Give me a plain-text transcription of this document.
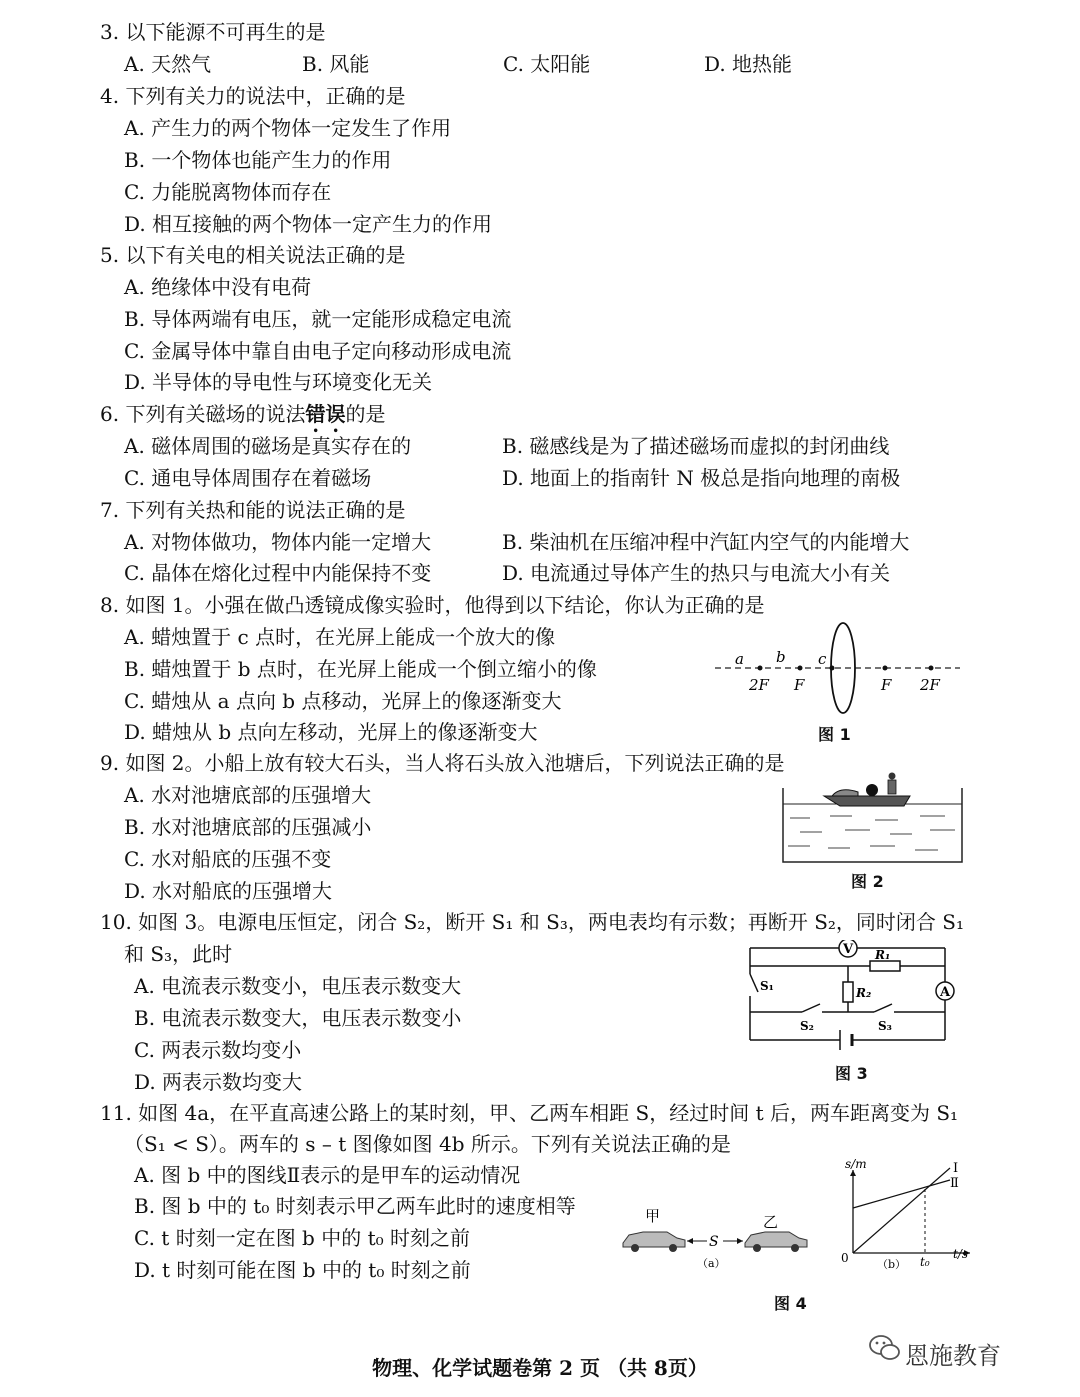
3. 以下能源不可再生的是
A. 天然气	B. 风能	C. 太阳能	D. 地热能
4. 下列有关力的说法中，正确的是
A. 产生力的两个物体一定发生了作用
B. 一个物体也能产生力的作用
C. 力能脱离物体而存在
D. 相互接触的两个物体一定产生力的作用
5. 以下有关电的相关说法正确的是
A. 绝缘体中没有电荷
B. 导体两端有电压，就一定能形成稳定电流
C. 金属导体中靠自由电子定向移动形成电流
D. 半导体的导电性与环境变化无关
6. 下列有关磁场的说法错误的是
A. 磁体周围的磁场是真实存在的	B. 磁感线是为了描述磁场而虚拟的封闭曲线
C. 通电导体周围存在着磁场	D. 地面上的指南针 N 极总是指向地理的南极
7. 下列有关热和能的说法正确的是
A. 对物体做功，物体内能一定增大	B. 柴油机在压缩冲程中汽缸内空气的内能增大
C. 晶体在熔化过程中内能保持不变	D. 电流通过导体产生的热只与电流大小有关
8. 如图 1。小强在做凸透镜成像实验时，他得到以下结论，你认为正确的是
A. 蜡烛置于 c 点时，在光屏上能成一个放大的像
B. 蜡烛置于 b 点时，在光屏上能成一个倒立缩小的像
C. 蜡烛从 a 点向 b 点移动，光屏上的像逐渐变大
D. 蜡烛从 b 点向左移动，光屏上的像逐渐变大
a b c
2F F	F 2F
图 1
9. 如图 2。小船上放有较大石头，当人将石头放入池塘后，下列说法正确的是
A. 水对池塘底部的压强增大
B. 水对池塘底部的压强减小
C. 水对船底的压强不变
D. 水对船底的压强增大	图 2
10. 如图 3。电源电压恒定，闭合 S₂，断开 S₁ 和 S₃，两电表均有示数；再断开 S₂，同时闭合 S₁
和 S₃，此时
A. 电流表示数变小，电压表示数变大
B. 电流表示数变大，电压表示数变小
C. 两表示数均变小
D. 两表示数均变大
V
A
R₁
R₂
S₁
S₂	S₃
图 3
11. 如图 4a，在平直高速公路上的某时刻，甲、乙两车相距 S，经过时间 t 后，两车距离变为 S₁
（S₁ < S）。两车的 s – t 图像如图 4b 所示。下列有关说法正确的是
A. 图 b 中的图线Ⅱ表示的是甲车的运动情况
B. 图 b 中的 t₀ 时刻表示甲乙两车此时的速度相等
C. t 时刻一定在图 b 中的 t₀ 时刻之前
D. t 时刻可能在图 b 中的 t₀ 时刻之前
甲	乙
S
（a）
s/m
t/s
0	t₀
Ⅰ
Ⅱ
（b）
图 4
物理、化学试题卷第 2 页 （共 8页）	恩施教育
